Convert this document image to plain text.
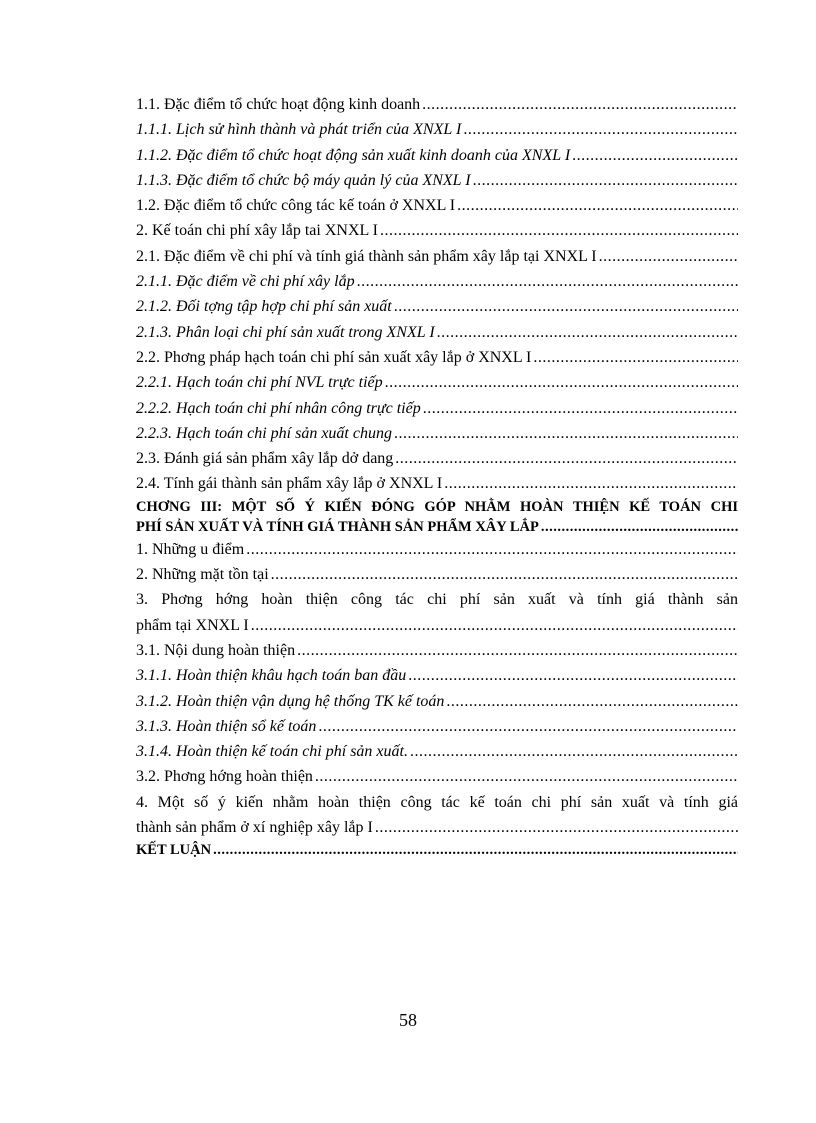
1.1. Đặc điểm tổ chức hoạt động kinh doanh
.....
1.1.1. Lịch sử hình thành và phát triển của XNXL I
.....
1.1.2. Đặc điểm tổ chức hoạt động sản xuất kinh doanh của XNXL I
.....
1.1.3. Đặc điểm tổ chức bộ máy quản lý của XNXL I
.....
1.2. Đặc điểm tổ chức công tác kế toán ở XNXL I
.....
2. Kế toán chi phí xây lắp tai XNXL I
.....
2.1. Đặc điểm về chi phí và tính giá thành sản phẩm xây lắp tại XNXL I
.....
2.1.1. Đặc điểm về chi phí xây lắp
.....
2.1.2. Đối tợng tập hợp chi phí sản xuất
.....
2.1.3. Phân loại chi phí sản xuất trong XNXL I
.....
2.2. Phơng pháp hạch toán chi phí sản xuất xây lắp ở XNXL I
.....
2.2.1. Hạch toán chi phí NVL trực tiếp
.....
2.2.2. Hạch toán chi phí nhân công trực tiếp
.....
2.2.3. Hạch toán chi phí sản xuất chung
.....
2.3. Đánh giá sản phẩm xây lắp dở dang
.....
2.4. Tính gái thành sản phẩm xây lắp ở XNXL I
.....
CHƠNG III: MỘT SỐ Ý KIẾN ĐÓNG GÓP NHẰM HOÀN THIỆN KẾ TOÁN CHI
PHÍ SẢN XUẤT VÀ TÍNH GIÁ THÀNH SẢN PHẨM XÂY LẮP
.....
1. Những u điểm
.....
2. Những mặt tồn tại
.....
3. Phơng hớng hoàn thiện công tác chi phí sản xuất và tính giá thành sản
phẩm tại XNXL I
.....
3.1. Nội dung hoàn thiện
.....
3.1.1. Hoàn thiện khâu hạch toán ban đầu
.....
3.1.2. Hoàn thiện vận dụng hệ thống TK kế toán
.....
3.1.3. Hoàn thiện sổ kế toán
.....
3.1.4. Hoàn thiện kế toán chi phí sản xuất.
.....
3.2. Phơng hớng hoàn thiện
.....
4. Một số ý kiến nhằm hoàn thiện công tác kế toán chi phí sản xuất và tính giá
thành sản phẩm ở xí nghiệp xây lắp I
.....
KẾT LUẬN
.....
58
